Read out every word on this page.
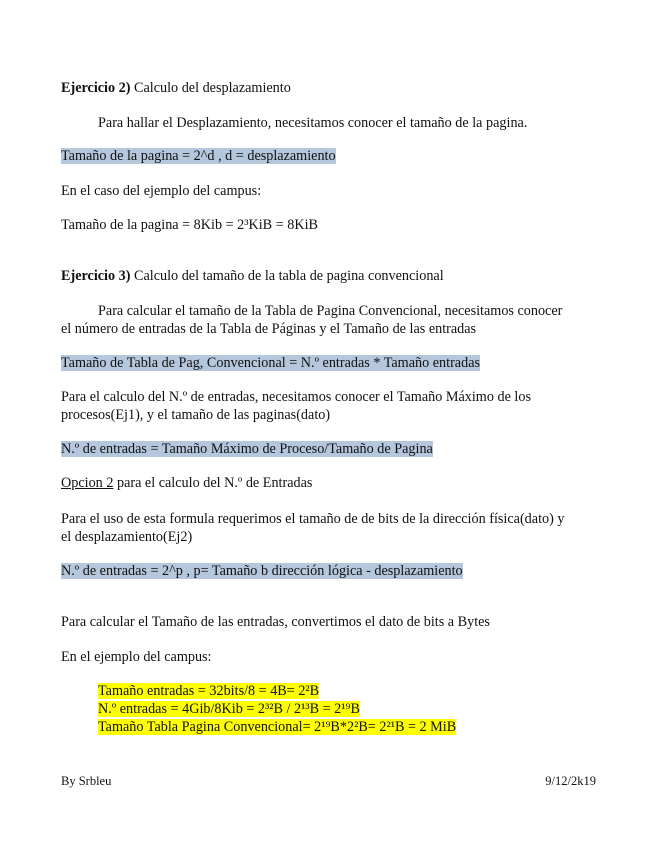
Ejercicio 2) Calculo del desplazamiento
Para hallar el Desplazamiento, necesitamos conocer el tamaño de la pagina.
Tamaño de la pagina = 2^d , d = desplazamiento
En el caso del ejemplo del campus:
Tamaño de la pagina = 8Kib = 2³KiB = 8KiB
Ejercicio 3) Calculo del tamaño de la tabla de pagina convencional
Para calcular el tamaño de la Tabla de Pagina Convencional, necesitamos conocer
el número de entradas de la Tabla de Páginas y el Tamaño de las entradas
Tamaño de Tabla de Pag, Convencional = N.º entradas * Tamaño entradas
Para el calculo del N.º de entradas, necesitamos conocer el Tamaño Máximo de los
procesos(Ej1), y el tamaño de las paginas(dato)
N.º de entradas = Tamaño Máximo de Proceso/Tamaño de Pagina
Opcion 2 para el calculo del N.º de Entradas
Para el uso de esta formula requerimos el tamaño de de bits de la dirección física(dato) y
el desplazamiento(Ej2)
N.º de entradas = 2^p , p= Tamaño b dirección lógica - desplazamiento
Para calcular el Tamaño de las entradas, convertimos el dato de bits a Bytes
En el ejemplo del campus:
Tamaño entradas = 32bits/8 = 4B= 2²B
N.º entradas = 4Gib/8Kib = 2³²B / 2¹³B = 2¹⁹B
Tamaño Tabla Pagina Convencional= 2¹⁹B*2²B= 2²¹B = 2 MiB
By Srbleu	9/12/2k19
